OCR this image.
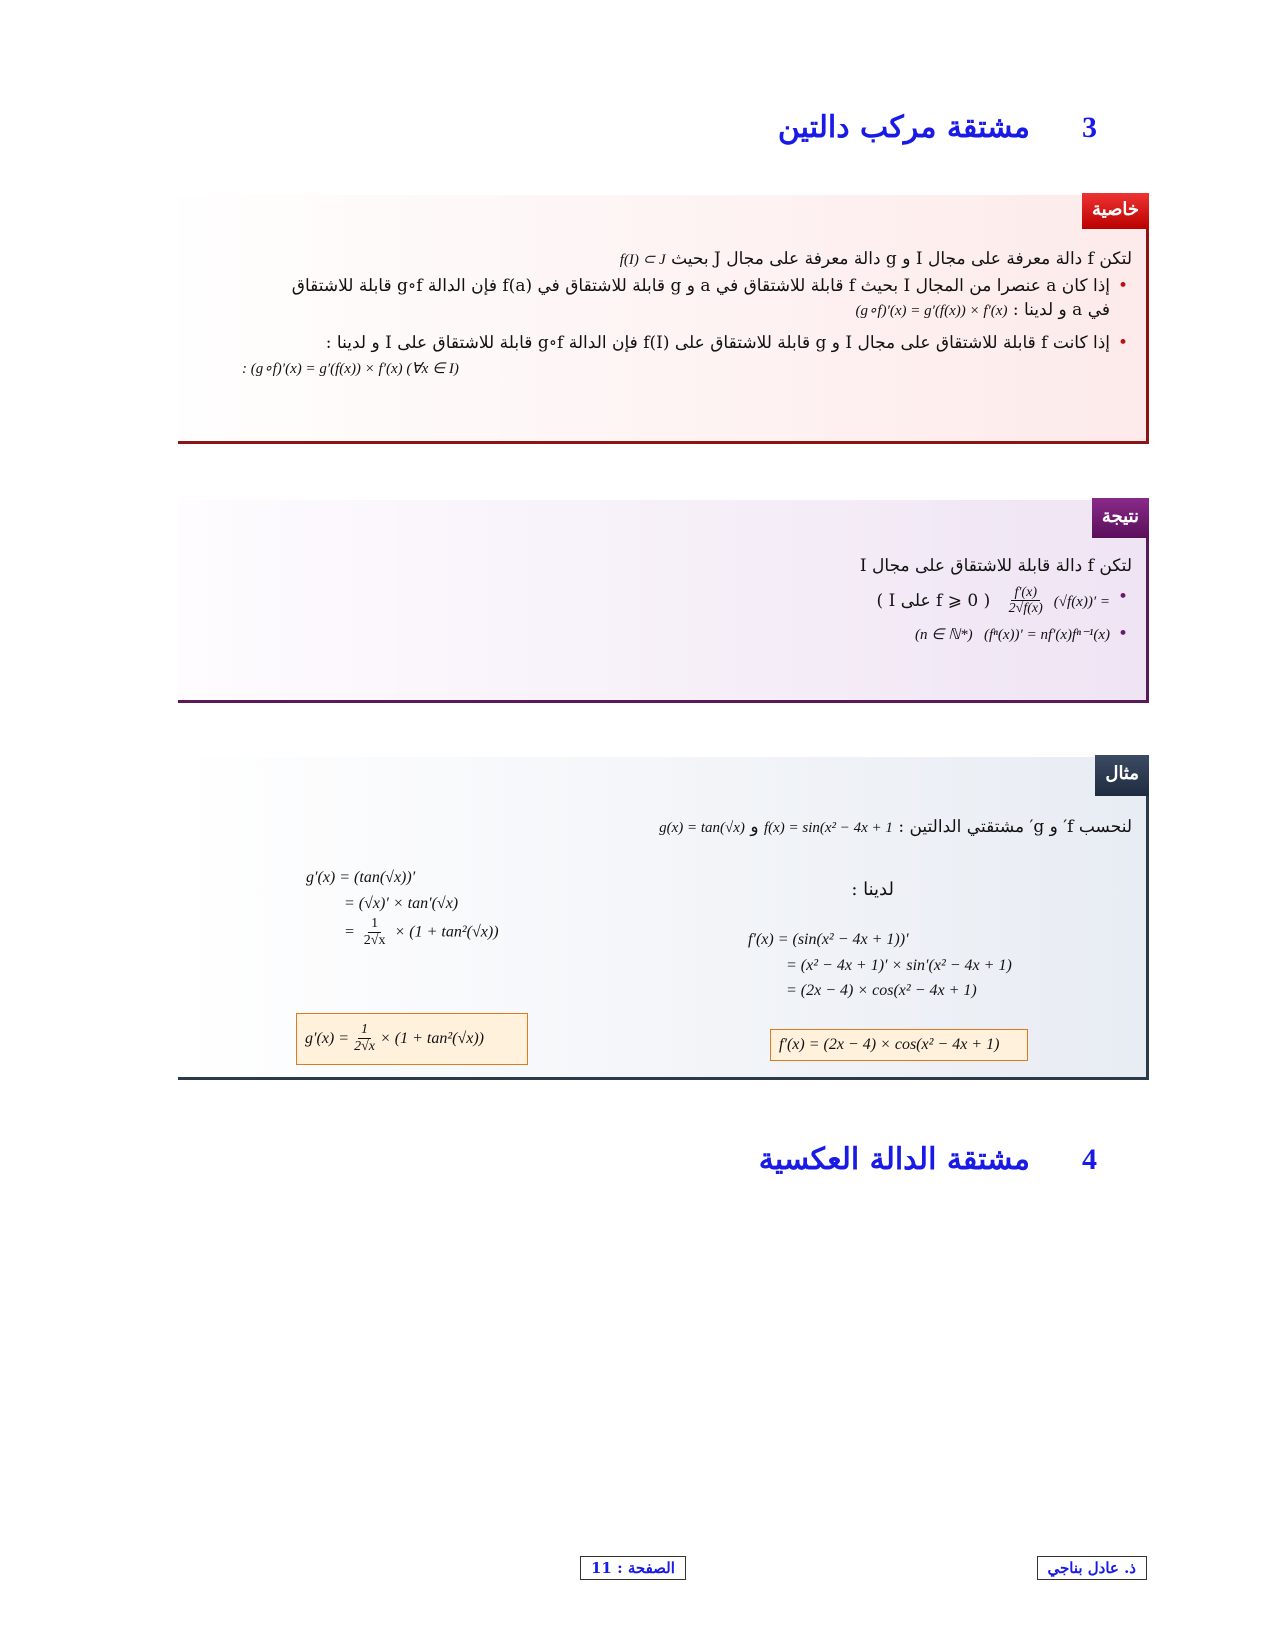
3
مشتقة مركب دالتين
خاصية
لتكن f دالة معرفة على مجال I و g دالة معرفة على مجال J بحيث f(I) ⊂ J
• إذا كان a عنصرا من المجال I بحيث f قابلة للاشتقاق في a و g قابلة للاشتقاق في f(a) فإن الدالة g∘f قابلة للاشتقاق
في a و لدينا : (g∘f)′(x) = g′(f(x)) × f′(x)
• إذا كانت f قابلة للاشتقاق على مجال I و g قابلة للاشتقاق على f(I) فإن الدالة g∘f قابلة للاشتقاق على I و لدينا :
: (g∘f)′(x) = g′(f(x)) × f′(x) (∀x ∈ I)
نتيجة
لتكن f دالة قابلة للاشتقاق على مجال I
• (√f(x))′ =
$\frac{f'(x)}{2√f(x)}$
( f ⩾ 0 على I )
• (fⁿ(x))′ = nf′(x)fⁿ⁻¹(x) (n ∈ ℕ*)
مثال
لنحسب f′ و g′ مشتقتي الدالتين : f(x) = sin(x² − 4x + 1 و g(x) = tan(√x)
لدينا :
f′(x) = (sin(x² − 4x + 1))′
= (x² − 4x + 1)′ × sin′(x² − 4x + 1)
= (2x − 4) × cos(x² − 4x + 1)
f′(x) = (2x − 4) × cos(x² − 4x + 1)
g′(x) = (tan(√x))′
= (√x)′ × tan′(√x)
= $\frac{1}{2√x} \times (1 + \tan^2(√x))$
$g'(x) = \frac{1}{2√x} \times (1 + \tan^2(√x))$
4
مشتقة الدالة العكسية
الصفحة : 11	ذ. عادل بناجي
